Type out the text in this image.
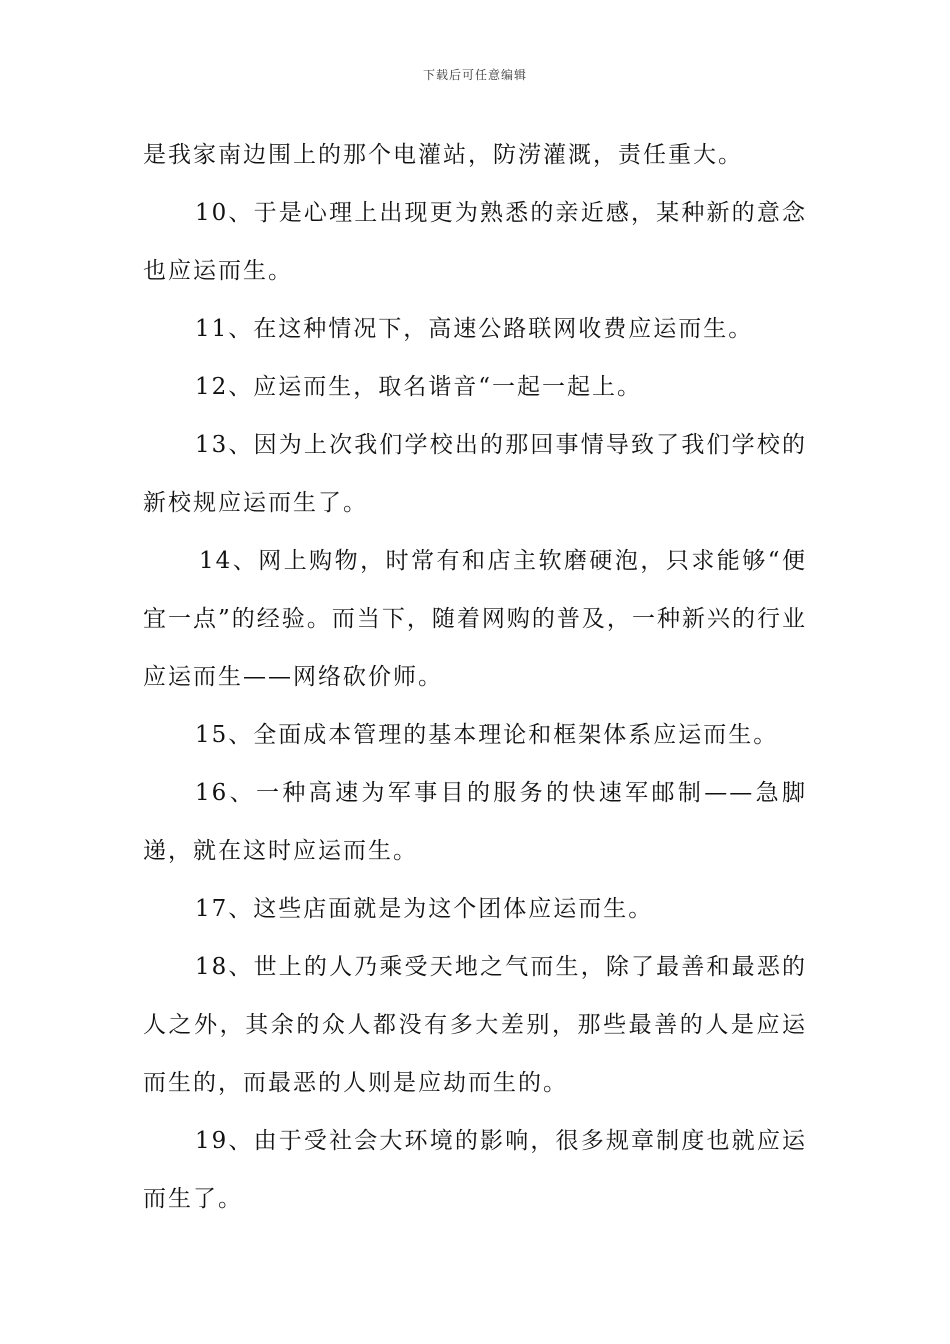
下载后可任意编辑

是我家南边围上的那个电灌站，防涝灌溉，责任重大。

10、于是心理上出现更为熟悉的亲近感，某种新的意念也应运而生。

11、在这种情况下，高速公路联网收费应运而生。

12、应运而生，取名谐音“一起一起上。

13、因为上次我们学校出的那回事情导致了我们学校的新校规应运而生了。

14、网上购物，时常有和店主软磨硬泡，只求能够“便宜一点”的经验。而当下，随着网购的普及，一种新兴的行业应运而生——网络砍价师。

15、全面成本管理的基本理论和框架体系应运而生。

16、一种高速为军事目的服务的快速军邮制——急脚递，就在这时应运而生。

17、这些店面就是为这个团体应运而生。

18、世上的人乃乘受天地之气而生，除了最善和最恶的人之外，其余的众人都没有多大差别，那些最善的人是应运而生的，而最恶的人则是应劫而生的。

19、由于受社会大环境的影响，很多规章制度也就应运而生了。
